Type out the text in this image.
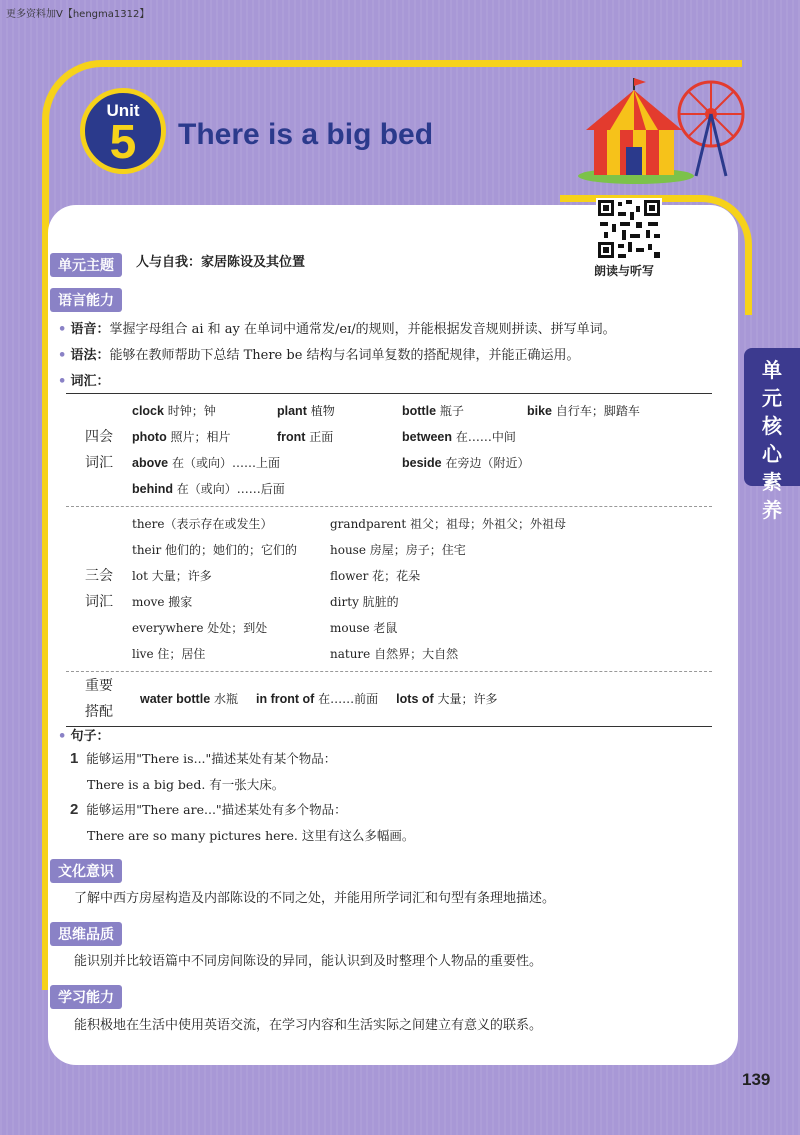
更多资料加V【hengma1312】
Unit
5	There is a big bed
朗读与听写
单元核心素养
单元主题	人与自我：家居陈设及其位置
语言能力
• 语音：掌握字母组合 ai 和 ay 在单词中通常发/eɪ/的规则，并能根据发音规则拼读、拼写单词。
• 语法：能够在教师帮助下总结 There be 结构与名词单复数的搭配规律，并能正确运用。
• 词汇：
四会
词汇
clock 时钟；钟	plant 植物	bottle 瓶子	bike 自行车；脚踏车
photo 照片；相片	front 正面	between 在……中间
above 在（或向）……上面	beside 在旁边（附近）
behind 在（或向）……后面
三会
词汇
there（表示存在或发生）	grandparent 祖父；祖母；外祖父；外祖母
their 他们的；她们的；它们的	house 房屋；房子；住宅
lot 大量；许多	flower 花；花朵
move 搬家	dirty 肮脏的
everywhere 处处；到处	mouse 老鼠
live 住；居住	nature 自然界；大自然
重要
搭配
water bottle 水瓶 in front of 在……前面 lots of 大量；许多
• 句子：
1 能够运用"There is..."描述某处有某个物品：
There is a big bed. 有一张大床。
2 能够运用"There are..."描述某处有多个物品：
There are so many pictures here. 这里有这么多幅画。
文化意识
了解中西方房屋构造及内部陈设的不同之处，并能用所学词汇和句型有条理地描述。
思维品质
能识别并比较语篇中不同房间陈设的异同，能认识到及时整理个人物品的重要性。
学习能力
能积极地在生活中使用英语交流，在学习内容和生活实际之间建立有意义的联系。
139
